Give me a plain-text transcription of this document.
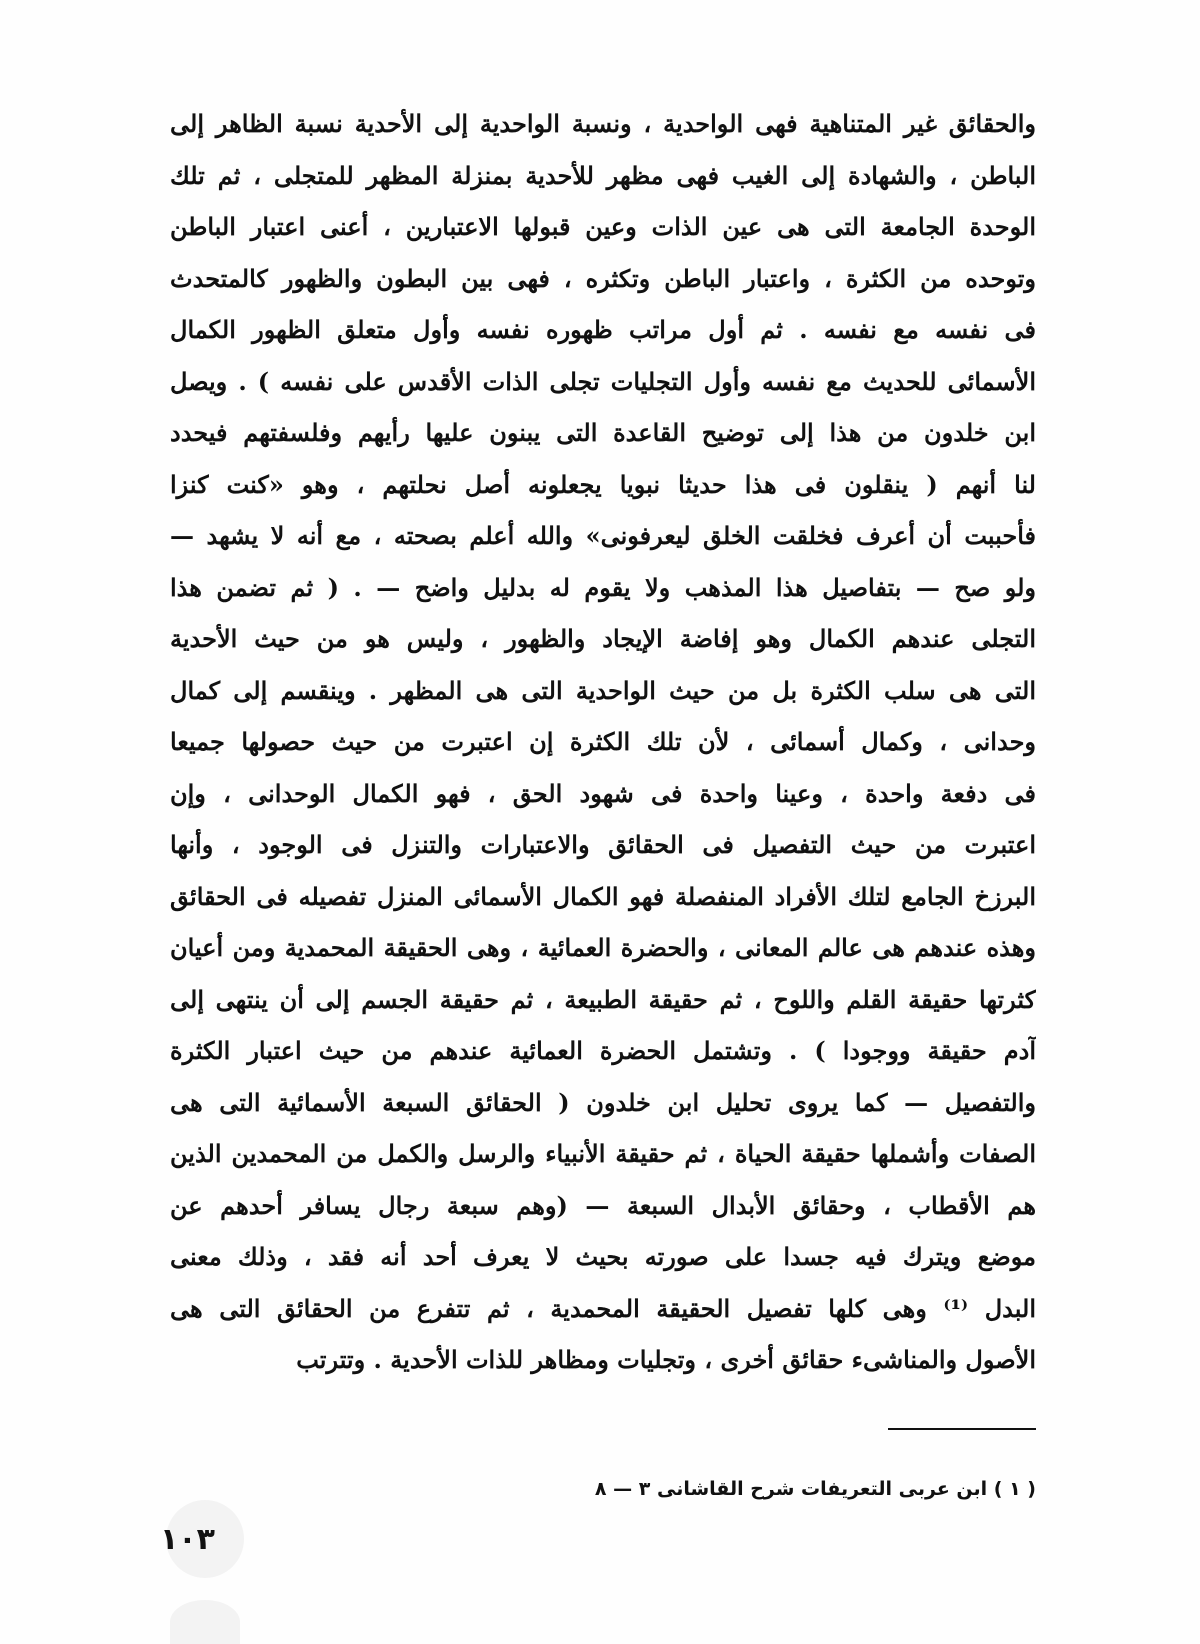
والحقائق غير المتناهية فهى الواحدية ، ونسبة الواحدية إلى الأحدية نسبة الظاهر إلى
الباطن ، والشهادة إلى الغيب فهى مظهر للأحدية بمنزلة المظهر للمتجلى ، ثم تلك
الوحدة الجامعة التى هى عين الذات وعين قبولها الاعتبارين ، أعنى اعتبار الباطن
وتوحده من الكثرة ، واعتبار الباطن وتكثره ، فهى بين البطون والظهور كالمتحدث
فى نفسه مع نفسه . ثم أول مراتب ظهوره نفسه وأول متعلق الظهور الكمال
الأسمائى للحديث مع نفسه وأول التجليات تجلى الذات الأقدس على نفسه ) . ويصل
ابن خلدون من هذا إلى توضيح القاعدة التى يبنون عليها رأيهم وفلسفتهم فيحدد
لنا أنهم ( ينقلون فى هذا حديثا نبويا يجعلونه أصل نحلتهم ، وهو «كنت كنزا
فأحببت أن أعرف فخلقت الخلق ليعرفونى» والله أعلم بصحته ، مع أنه لا يشهد —
ولو صح — بتفاصيل هذا المذهب ولا يقوم له بدليل واضح — . ( ثم تضمن هذا
التجلى عندهم الكمال وهو إفاضة الإيجاد والظهور ، وليس هو من حيث الأحدية
التى هى سلب الكثرة بل من حيث الواحدية التى هى المظهر . وينقسم إلى كمال
وحدانى ، وكمال أسمائى ، لأن تلك الكثرة إن اعتبرت من حيث حصولها جميعا
فى دفعة واحدة ، وعينا واحدة فى شهود الحق ، فهو الكمال الوحدانى ، وإن
اعتبرت من حيث التفصيل فى الحقائق والاعتبارات والتنزل فى الوجود ، وأنها
البرزخ الجامع لتلك الأفراد المنفصلة فهو الكمال الأسمائى المنزل تفصيله فى الحقائق
وهذه عندهم هى عالم المعانى ، والحضرة العمائية ، وهى الحقيقة المحمدية ومن أعيان
كثرتها حقيقة القلم واللوح ، ثم حقيقة الطبيعة ، ثم حقيقة الجسم إلى أن ينتهى إلى
آدم حقيقة ووجودا ) . وتشتمل الحضرة العمائية عندهم من حيث اعتبار الكثرة
والتفصيل — كما يروى تحليل ابن خلدون ( الحقائق السبعة الأسمائية التى هى
الصفات وأشملها حقيقة الحياة ، ثم حقيقة الأنبياء والرسل والكمل من المحمدين الذين
هم الأقطاب ، وحقائق الأبدال السبعة — (وهم سبعة رجال يسافر أحدهم عن
موضع ويترك فيه جسدا على صورته بحيث لا يعرف أحد أنه فقد ، وذلك معنى
البدل ⁽¹⁾ وهى كلها تفصيل الحقيقة المحمدية ، ثم تتفرع من الحقائق التى هى
الأصول والمناشىء حقائق أخرى ، وتجليات ومظاهر للذات الأحدية . وتترتب
( ١ ) ابن عربى التعريفات شرح القاشانى ٣ — ٨
١٠٣
